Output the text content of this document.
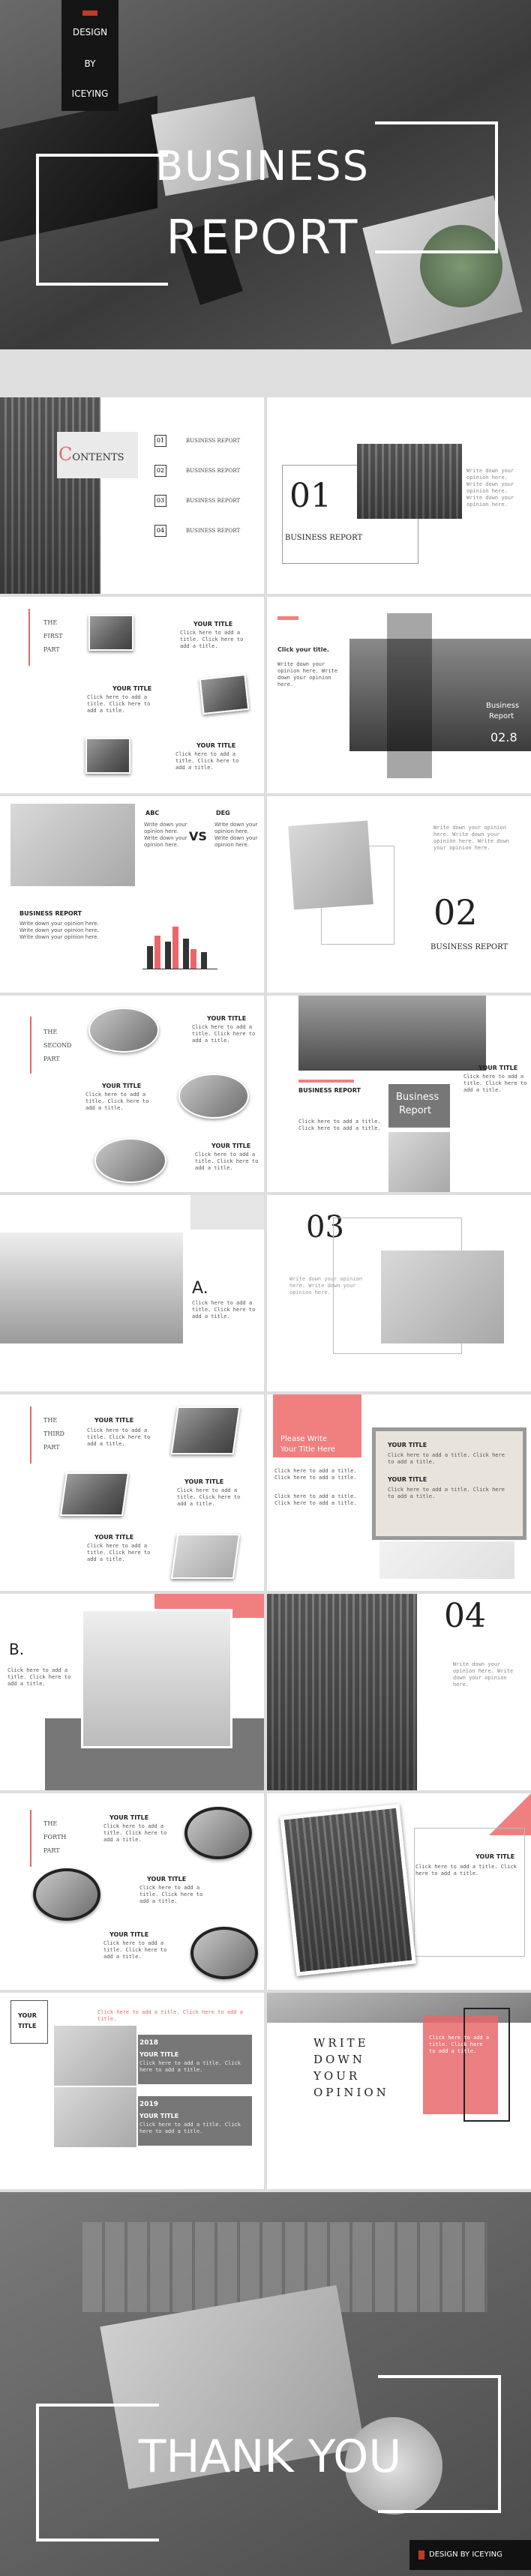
DESIGN
BY
ICEYING
BUSINESS
REPORT
CONTENTS
01	BUSINESS REPORT
02	BUSINESS REPORT
03	BUSINESS REPORT
04	BUSINESS REPORT
01
BUSINESS REPORT
Write down your opinion here. Write down your opinion here. Write down your opinion here.
THE
FIRST
PART
YOUR TITLE
Click here to add a title. Click here to add a title.
YOUR TITLE
Click here to add a title. Click here to add a title.
YOUR TITLE
Click here to add a title. Click here to add a title.
Click your title.
Write down your opinion here. Write down your opinion here.
Business
Report
02.8
ABC
Write down your opinion here. Write down your opinion here.
VS
DEG
Write down your opinion here. Write down your opinion here.
BUSINESS REPORT
Write down your opinion here. Write down your opinion here. Write down your opinion here.
Write down your opinion here. Write down your opinion here. Write down your opinion here.
02
BUSINESS REPORT
THE
SECOND
PART
YOUR TITLE
Click here to add a title. Click here to add a title.
YOUR TITLE
Click here to add a title. Click here to add a title.
YOUR TITLE
Click here to add a title. Click here to add a title.
BUSINESS REPORT
Business
Report
Click here to add a title. Click here to add a title.
YOUR TITLE
Click here to add a title. Click here to add a title.
A.
Click here to add a title. Click here to add a title.
03
Write down your opinion here. Write down your opinion here.
THE
THIRD
PART
YOUR TITLE
Click here to add a title. Click here to add a title.
YOUR TITLE
Click here to add a title. Click here to add a title.
YOUR TITLE
Click here to add a title. Click here to add a title.
Please Write
Your Title Here
Click here to add a title. Click here to add a title.
Click here to add a title. Click here to add a title.
YOUR TITLE
Click here to add a title. Click here to add a title.
YOUR TITLE
Click here to add a title. Click here to add a title.
B.
Click here to add a title. Click here to add a title.
04
Write down your opinion here. Write down your opinion here.
THE
FORTH
PART
YOUR TITLE
Click here to add a title. Click here to add a title.
YOUR TITLE
Click here to add a title. Click here to add a title.
YOUR TITLE
Click here to add a title. Click here to add a title.
YOUR TITLE
Click here to add a title. Click here to add a title.
YOUR
TITLE
Click here to add a title. Click here to add a title.
2018
YOUR TITLE
Click here to add a title. Click here to add a title.
2019
YOUR TITLE
Click here to add a title. Click here to add a title.
WRITE
DOWN
YOUR
OPINION
Click here to add a title. Click here to add a title.
THANK YOU
DESIGN BY ICEYING
